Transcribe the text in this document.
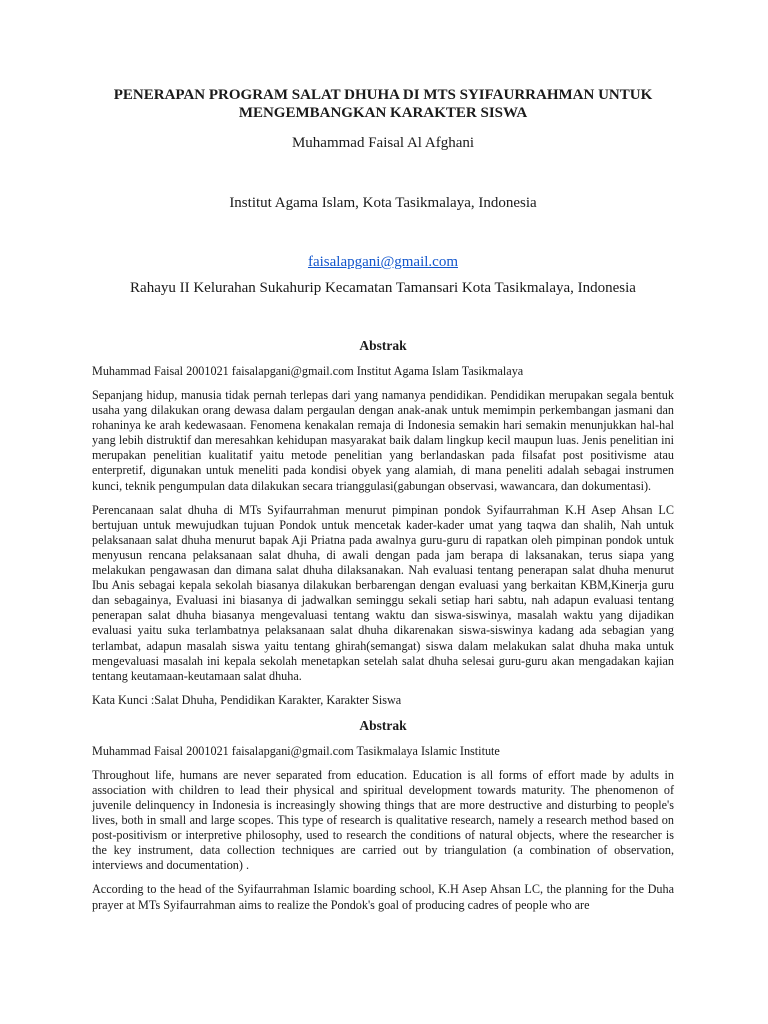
PENERAPAN PROGRAM SALAT DHUHA DI MTS SYIFAURRAHMAN UNTUK
MENGEMBANGKAN KARAKTER SISWA

Muhammad Faisal Al Afghani

Institut Agama Islam, Kota Tasikmalaya, Indonesia

faisalapgani@gmail.com

Rahayu II Kelurahan Sukahurip Kecamatan Tamansari Kota Tasikmalaya, Indonesia

Abstrak

Muhammad Faisal 2001021 faisalapgani@gmail.com Institut Agama Islam Tasikmalaya

Sepanjang hidup, manusia tidak pernah terlepas dari yang namanya pendidikan. Pendidikan merupakan segala bentuk usaha yang dilakukan orang dewasa dalam pergaulan dengan anak-anak untuk memimpin perkembangan jasmani dan rohaninya ke arah kedewasaan. Fenomena kenakalan remaja di Indonesia semakin hari semakin menunjukkan hal-hal yang lebih distruktif dan meresahkan kehidupan masyarakat baik dalam lingkup kecil maupun luas. Jenis penelitian ini merupakan penelitian kualitatif yaitu metode penelitian yang berlandaskan pada filsafat post positivisme atau enterpretif, digunakan untuk meneliti pada kondisi obyek yang alamiah, di mana peneliti adalah sebagai instrumen kunci, teknik pengumpulan data dilakukan secara trianggulasi(gabungan observasi, wawancara, dan dokumentasi).

Perencanaan salat dhuha di MTs Syifaurrahman menurut pimpinan pondok Syifaurrahman K.H Asep Ahsan LC bertujuan untuk mewujudkan tujuan Pondok untuk mencetak kader-kader umat yang taqwa dan shalih, Nah untuk pelaksanaan salat dhuha menurut bapak Aji Priatna pada awalnya guru-guru di rapatkan oleh pimpinan pondok untuk menyusun rencana pelaksanaan salat dhuha, di awali dengan pada jam berapa di laksanakan, terus siapa yang melakukan pengawasan dan dimana salat dhuha dilaksanakan. Nah evaluasi tentang penerapan salat dhuha menurut Ibu Anis sebagai kepala sekolah biasanya dilakukan berbarengan dengan evaluasi yang berkaitan KBM,Kinerja guru dan sebagainya, Evaluasi ini biasanya di jadwalkan seminggu sekali setiap hari sabtu, nah adapun evaluasi tentang penerapan salat dhuha biasanya mengevaluasi tentang waktu dan siswa-siswinya, masalah waktu yang dijadikan evaluasi yaitu suka terlambatnya pelaksanaan salat dhuha dikarenakan siswa-siswinya kadang ada sebagian yang terlambat, adapun masalah siswa yaitu tentang ghirah(semangat) siswa dalam melakukan salat dhuha maka untuk mengevaluasi masalah ini kepala sekolah menetapkan setelah salat dhuha selesai guru-guru akan mengadakan kajian tentang keutamaan-keutamaan salat dhuha.

Kata Kunci :Salat Dhuha, Pendidikan Karakter, Karakter Siswa

Abstrak

Muhammad Faisal 2001021 faisalapgani@gmail.com Tasikmalaya Islamic Institute

Throughout life, humans are never separated from education. Education is all forms of effort made by adults in association with children to lead their physical and spiritual development towards maturity. The phenomenon of juvenile delinquency in Indonesia is increasingly showing things that are more destructive and disturbing to people's lives, both in small and large scopes. This type of research is qualitative research, namely a research method based on post-positivism or interpretive philosophy, used to research the conditions of natural objects, where the researcher is the key instrument, data collection techniques are carried out by triangulation (a combination of observation, interviews and documentation) .

According to the head of the Syifaurrahman Islamic boarding school, K.H Asep Ahsan LC, the planning for the Duha prayer at MTs Syifaurrahman aims to realize the Pondok's goal of producing cadres of people who are
